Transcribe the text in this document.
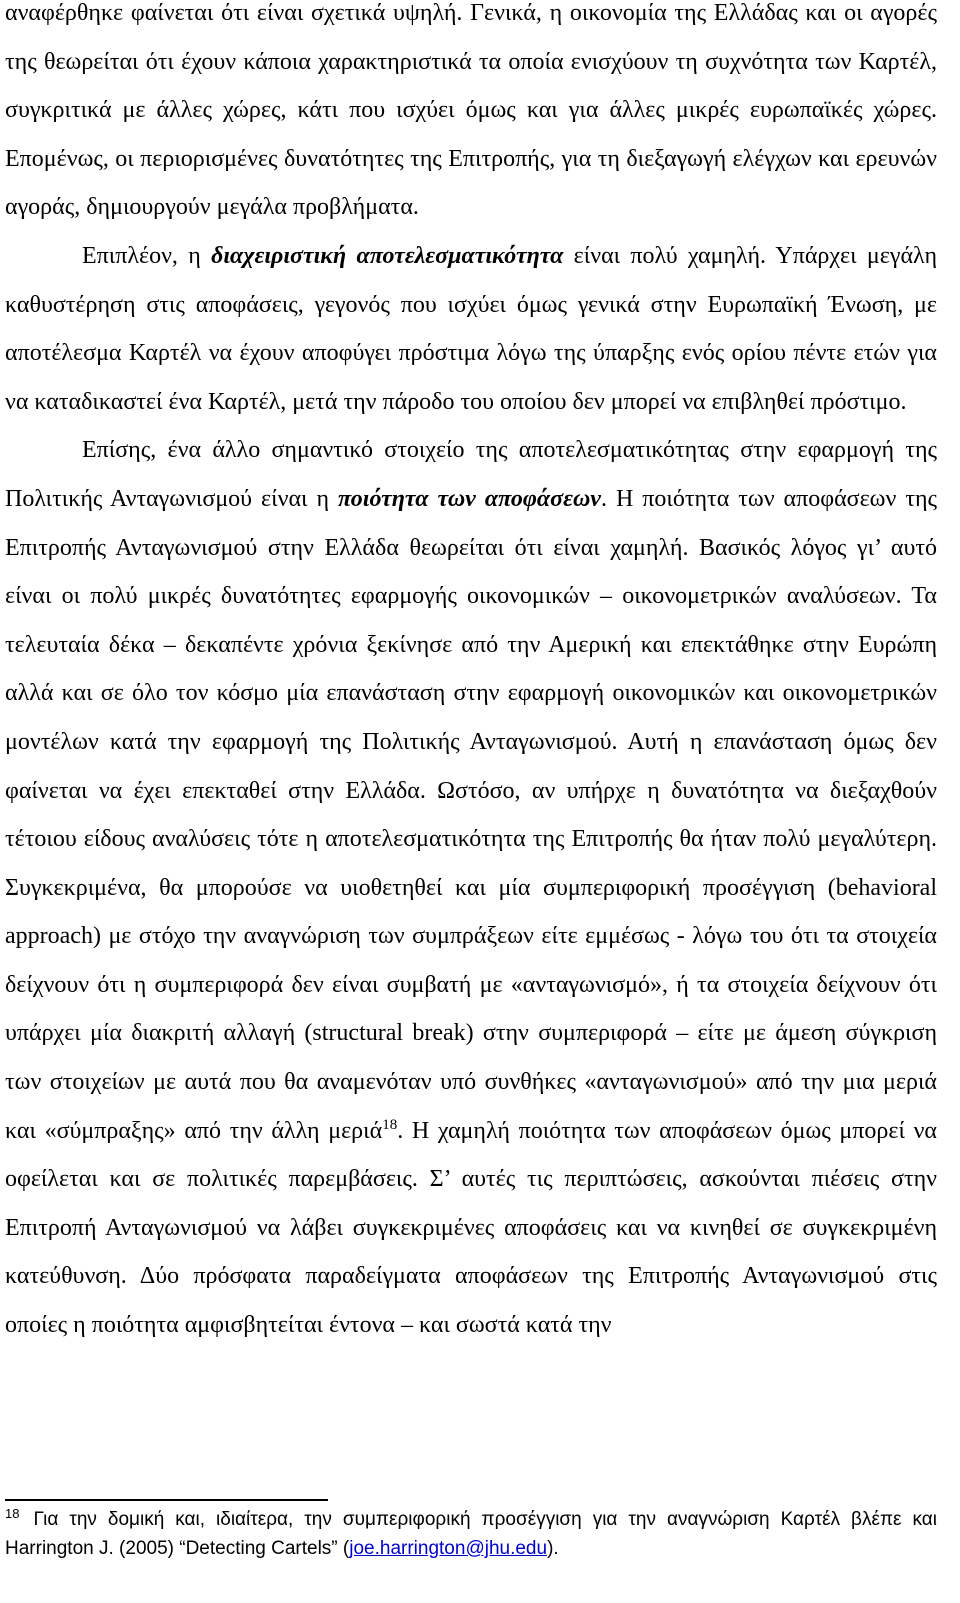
αναφέρθηκε φαίνεται ότι είναι σχετικά υψηλή. Γενικά, η οικονομία της Ελλάδας και οι αγορές της θεωρείται ότι έχουν κάποια χαρακτηριστικά τα οποία ενισχύουν τη συχνότητα των Καρτέλ, συγκριτικά με άλλες χώρες, κάτι που ισχύει όμως και για άλλες μικρές ευρωπαϊκές χώρες. Επομένως, οι περιορισμένες δυνατότητες της Επιτροπής, για τη διεξαγωγή ελέγχων και ερευνών αγοράς, δημιουργούν μεγάλα προβλήματα.

Επιπλέον, η διαχειριστική αποτελεσματικότητα είναι πολύ χαμηλή. Υπάρχει μεγάλη καθυστέρηση στις αποφάσεις, γεγονός που ισχύει όμως γενικά στην Ευρωπαϊκή Ένωση, με αποτέλεσμα Καρτέλ να έχουν αποφύγει πρόστιμα λόγω της ύπαρξης ενός ορίου πέντε ετών για να καταδικαστεί ένα Καρτέλ, μετά την πάροδο του οποίου δεν μπορεί να επιβληθεί πρόστιμο.

Επίσης, ένα άλλο σημαντικό στοιχείο της αποτελεσματικότητας στην εφαρμογή της Πολιτικής Ανταγωνισμού είναι η ποιότητα των αποφάσεων. Η ποιότητα των αποφάσεων της Επιτροπής Ανταγωνισμού στην Ελλάδα θεωρείται ότι είναι χαμηλή. Βασικός λόγος γι’ αυτό είναι οι πολύ μικρές δυνατότητες εφαρμογής οικονομικών – οικονομετρικών αναλύσεων. Τα τελευταία δέκα – δεκαπέντε χρόνια ξεκίνησε από την Αμερική και επεκτάθηκε στην Ευρώπη αλλά και σε όλο τον κόσμο μία επανάσταση στην εφαρμογή οικονομικών και οικονομετρικών μοντέλων κατά την εφαρμογή της Πολιτικής Ανταγωνισμού. Αυτή η επανάσταση όμως δεν φαίνεται να έχει επεκταθεί στην Ελλάδα. Ωστόσο, αν υπήρχε η δυνατότητα να διεξαχθούν τέτοιου είδους αναλύσεις τότε η αποτελεσματικότητα της Επιτροπής θα ήταν πολύ μεγαλύτερη. Συγκεκριμένα, θα μπορούσε να υιοθετηθεί και μία συμπεριφορική προσέγγιση (behavioral approach) με στόχο την αναγνώριση των συμπράξεων είτε εμμέσως - λόγω του ότι τα στοιχεία δείχνουν ότι η συμπεριφορά δεν είναι συμβατή με «ανταγωνισμό», ή τα στοιχεία δείχνουν ότι υπάρχει μία διακριτή αλλαγή (structural break) στην συμπεριφορά – είτε με άμεση σύγκριση των στοιχείων με αυτά που θα αναμενόταν υπό συνθήκες «ανταγωνισμού» από την μια μεριά και «σύμπραξης» από την άλλη μεριά$^{18}$. Η χαμηλή ποιότητα των αποφάσεων όμως μπορεί να οφείλεται και σε πολιτικές παρεμβάσεις. Σ’ αυτές τις περιπτώσεις, ασκούνται πιέσεις στην Επιτροπή Ανταγωνισμού να λάβει συγκεκριμένες αποφάσεις και να κινηθεί σε συγκεκριμένη κατεύθυνση. Δύο πρόσφατα παραδείγματα αποφάσεων της Επιτροπής Ανταγωνισμού στις οποίες η ποιότητα αμφισβητείται έντονα – και σωστά κατά την

$^{18}$ Για την δομική και, ιδιαίτερα, την συμπεριφορική προσέγγιση για την αναγνώριση Καρτέλ βλέπε και Harrington J. (2005) “Detecting Cartels” (joe.harrington@jhu.edu).
